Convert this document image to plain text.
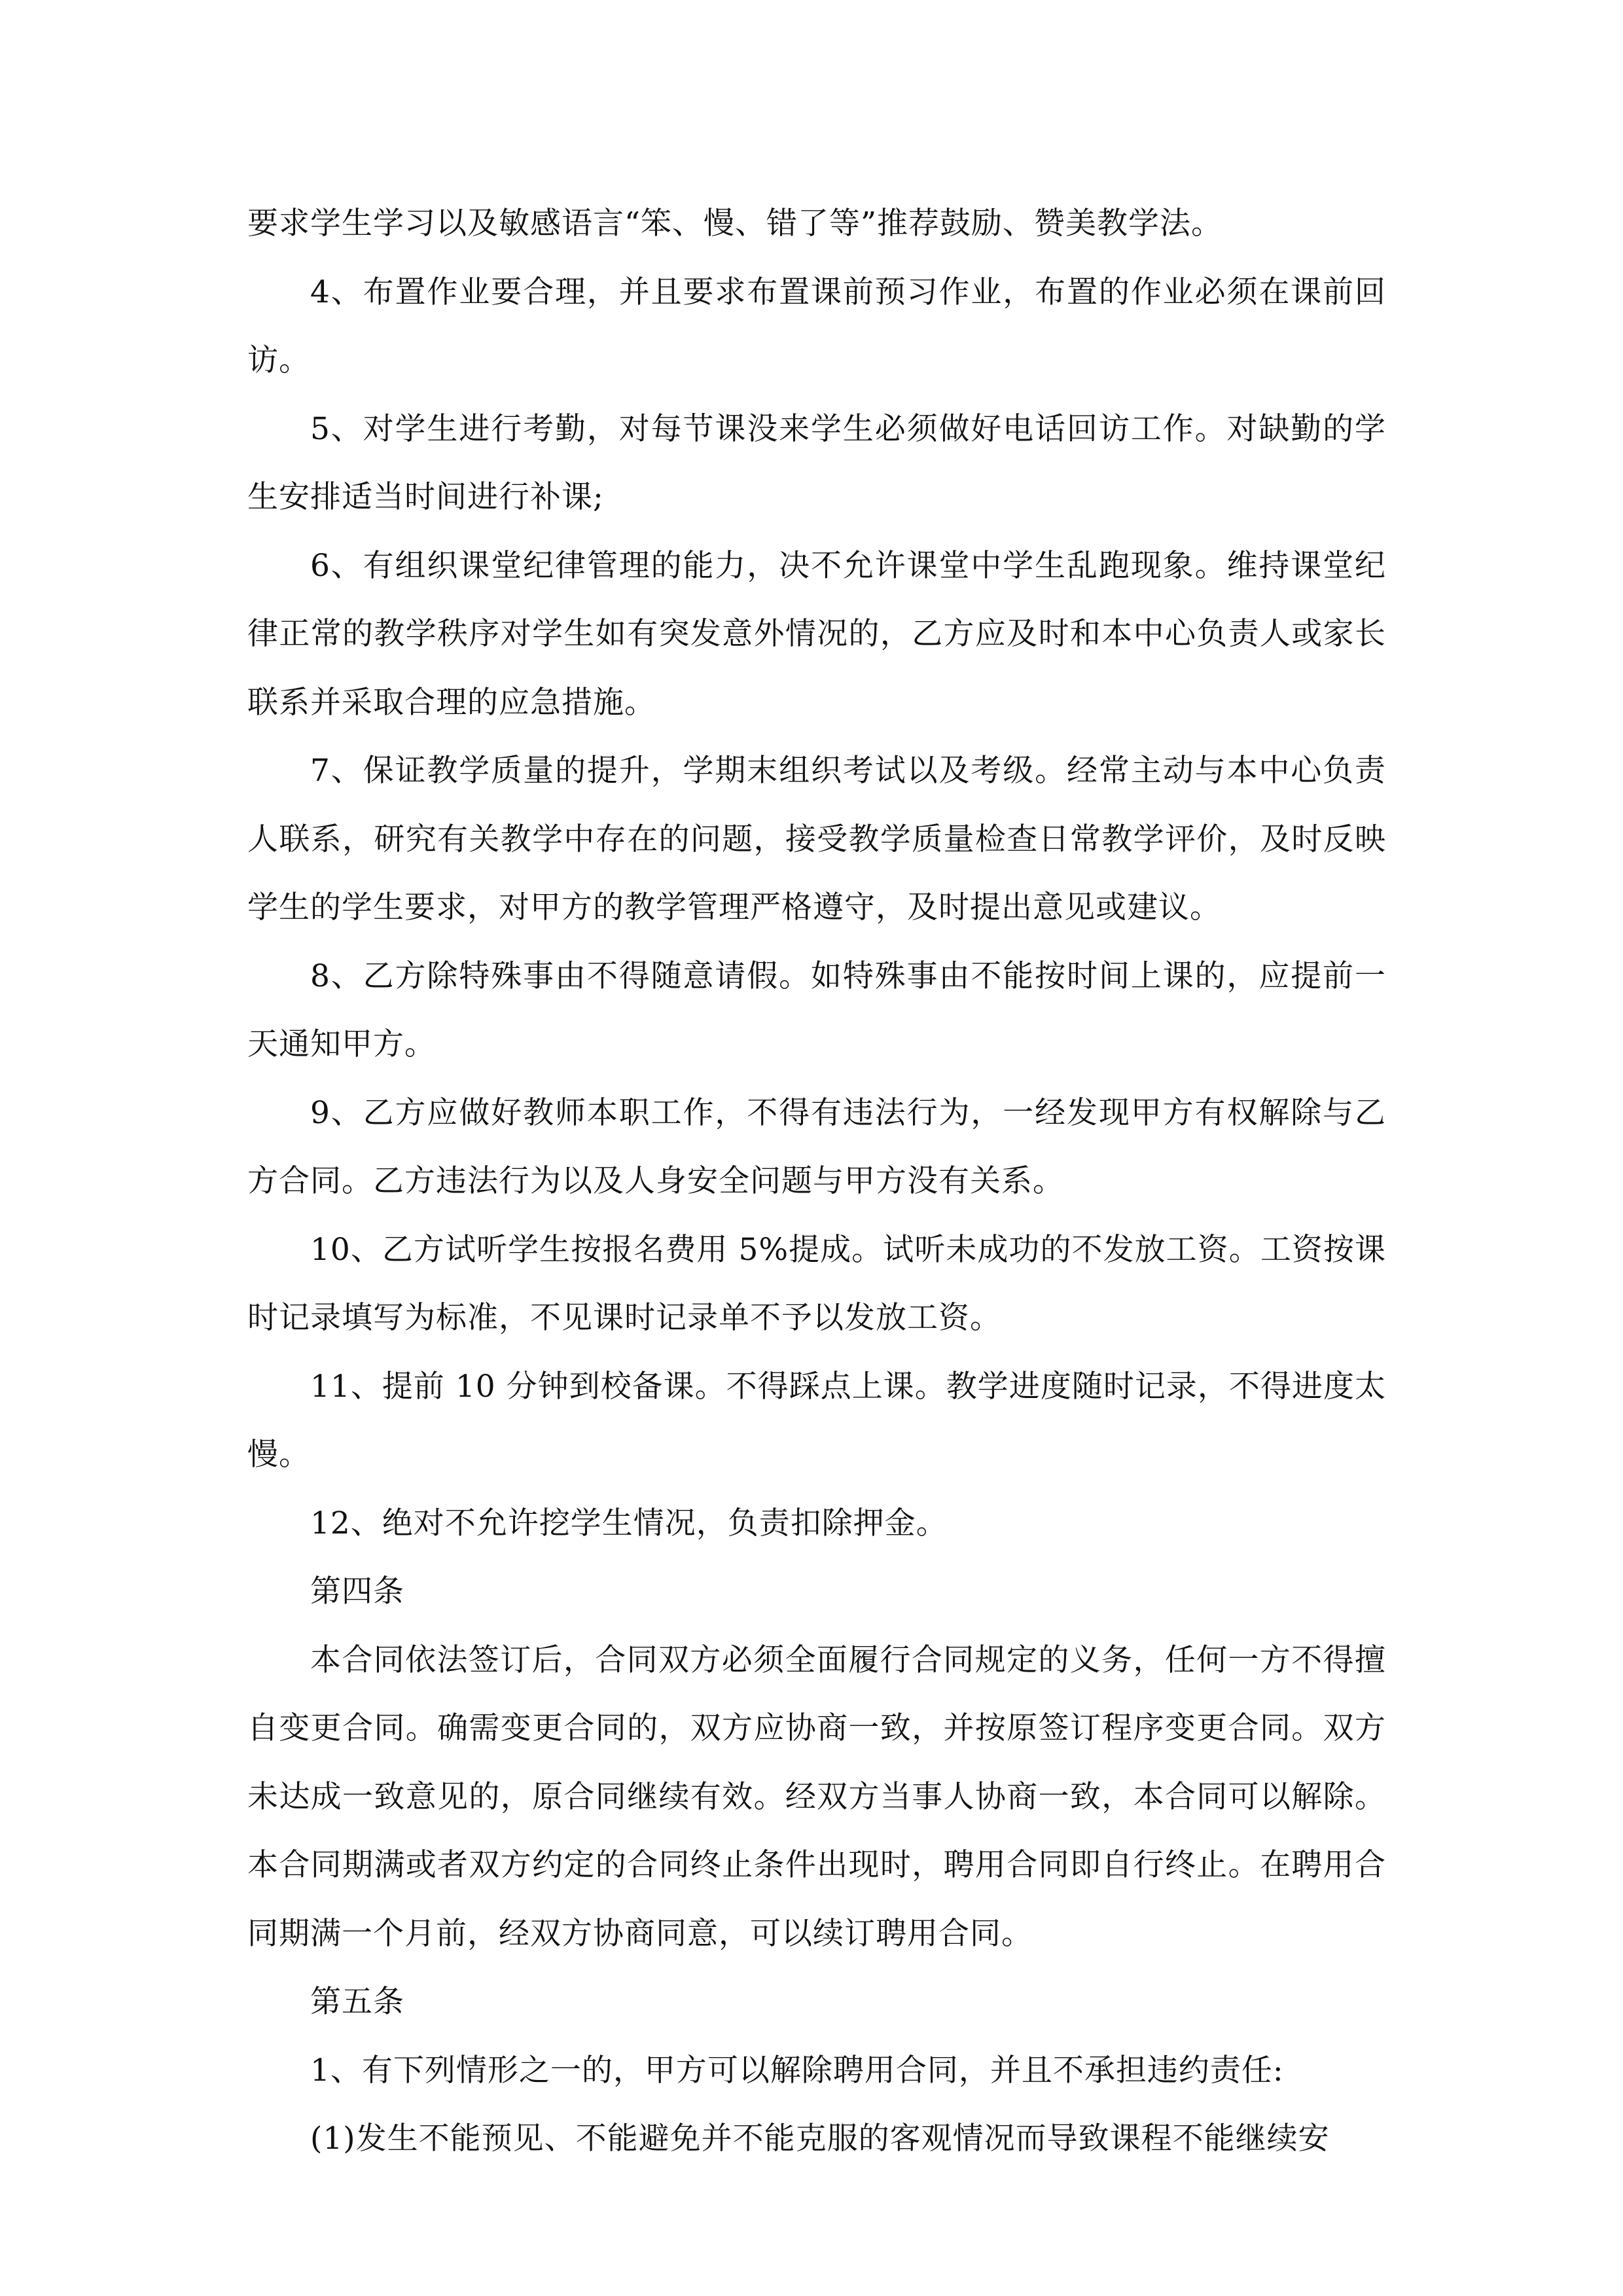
要求学生学习以及敏感语言“笨、慢、错了等”推荐鼓励、赞美教学法。

4、布置作业要合理，并且要求布置课前预习作业，布置的作业必须在课前回访。

5、对学生进行考勤，对每节课没来学生必须做好电话回访工作。对缺勤的学生安排适当时间进行补课;

6、有组织课堂纪律管理的能力，决不允许课堂中学生乱跑现象。维持课堂纪律正常的教学秩序对学生如有突发意外情况的，乙方应及时和本中心负责人或家长联系并采取合理的应急措施。

7、保证教学质量的提升，学期末组织考试以及考级。经常主动与本中心负责人联系，研究有关教学中存在的问题，接受教学质量检查日常教学评价，及时反映学生的学生要求，对甲方的教学管理严格遵守，及时提出意见或建议。

8、乙方除特殊事由不得随意请假。如特殊事由不能按时间上课的，应提前一天通知甲方。

9、乙方应做好教师本职工作，不得有违法行为，一经发现甲方有权解除与乙方合同。乙方违法行为以及人身安全问题与甲方没有关系。

10、乙方试听学生按报名费用 5%提成。试听未成功的不发放工资。工资按课时记录填写为标准，不见课时记录单不予以发放工资。

11、提前 10 分钟到校备课。不得踩点上课。教学进度随时记录，不得进度太慢。

12、绝对不允许挖学生情况，负责扣除押金。

第四条

本合同依法签订后，合同双方必须全面履行合同规定的义务，任何一方不得擅自变更合同。确需变更合同的，双方应协商一致，并按原签订程序变更合同。双方未达成一致意见的，原合同继续有效。经双方当事人协商一致，本合同可以解除。本合同期满或者双方约定的合同终止条件出现时，聘用合同即自行终止。在聘用合同期满一个月前，经双方协商同意，可以续订聘用合同。

第五条

1、有下列情形之一的，甲方可以解除聘用合同，并且不承担违约责任:

(1)发生不能预见、不能避免并不能克服的客观情况而导致课程不能继续安
